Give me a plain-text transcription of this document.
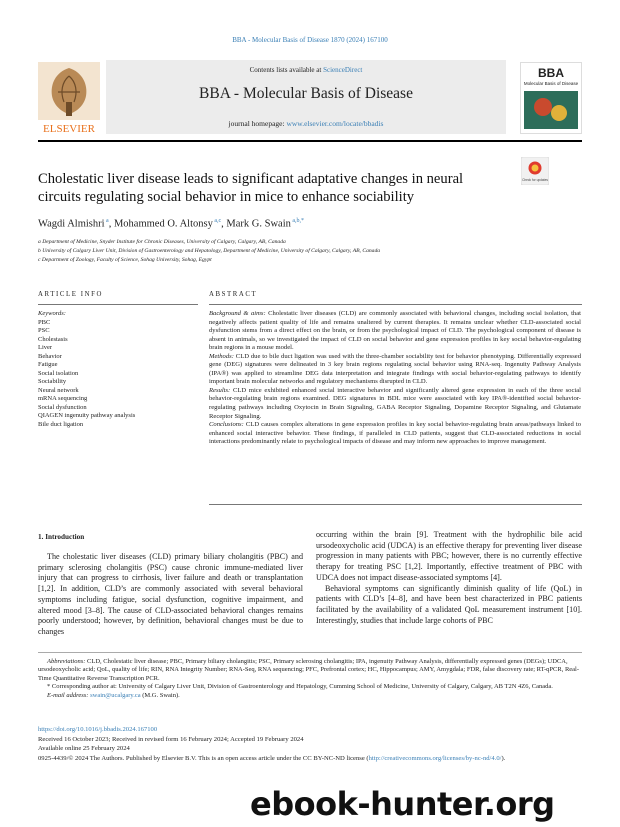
BBA - Molecular Basis of Disease 1870 (2024) 167100
ELSEVIER
Contents lists available at ScienceDirect
BBA - Molecular Basis of Disease
journal homepage: www.elsevier.com/locate/bbadis
BBA
Molecular Basis of Disease
Cholestatic liver disease leads to significant adaptative changes in neural circuits regulating social behavior in mice to enhance sociability
Check for updates
Wagdi Almishri $^a$, Mohammed O. Altonsy $^{a,c}$, Mark G. Swain $^{a,b,*}$
a Department of Medicine, Snyder Institute for Chronic Diseases, University of Calgary, Calgary, AB, Canada
b University of Calgary Liver Unit, Division of Gastroenterology and Hepatology, Department of Medicine, University of Calgary, Calgary, AB, Canada
c Department of Zoology, Faculty of Science, Sohag University, Sohag, Egypt
ARTICLE INFO	ABSTRACT
Keywords:
PBC
PSC
Cholestasis
Liver
Behavior
Fatigue
Social isolation
Sociability
Neural network
mRNA sequencing
Social dysfunction
QIAGEN ingenuity pathway analysis
Bile duct ligation

Background & aims: Cholestatic liver diseases (CLD) are commonly associated with behavioral changes, including social isolation, that negatively affects patient quality of life and remains unaltered by current therapies. It remains unclear whether CLD-associated social dysfunction stems from a direct effect on the brain, or from the psychological impact of CLD. The psychological component of disease is absent in animals, so we investigated the impact of CLD on social behavior and gene expression profiles in key social behavior-regulating brain regions in a mouse model.

Methods: CLD due to bile duct ligation was used with the three-chamber sociability test for behavior phenotyping. Differentially expressed gene (DEG) signatures were delineated in 3 key brain regions regulating social behavior using RNA-seq. Ingenuity Pathway Analysis (IPA®) was applied to streamline DEG data interpretation and integrate findings with social behavior-regulating pathways to identify important brain molecular networks and regulatory mechanisms disrupted in CLD.

Results: CLD mice exhibited enhanced social interactive behavior and significantly altered gene expression in each of the three social behavior-regulating brain regions examined. DEG signatures in BDL mice were associated with key IPA®-identified social behavior-regulating pathways including Oxytocin in Brain Signaling, GABA Receptor Signaling, Dopamine Receptor Signaling, and Glutamate Receptor Signaling.

Conclusions: CLD causes complex alterations in gene expression profiles in key social behavior-regulating brain areas/pathways linked to enhanced social interactive behavior. These findings, if paralleled in CLD patients, suggest that CLD-associated reductions in social interactions predominantly relate to psychological impacts of disease and may inform new approaches to improve management.

1. Introduction

The cholestatic liver diseases (CLD) primary biliary cholangitis (PBC) and primary sclerosing cholangitis (PSC) cause chronic immune-mediated liver injury that can progress to cirrhosis, liver failure and death or transplantation [1,2]. In addition, CLD’s are commonly associated with several behavioral symptoms including fatigue, social dysfunction, cognitive impairment, and altered mood [3–8]. The cause of CLD-associated behavioral changes remains poorly understood; however, by definition, behavioral changes must be due to changes

occurring within the brain [9]. Treatment with the hydrophilic bile acid ursodeoxycholic acid (UDCA) is an effective therapy for preventing liver disease progression in many patients with PBC; however, there is no currently effective therapy for treating PSC [1,2]. Importantly, effective treatment of PBC with UDCA does not impact disease-associated symptoms [4].

Behavioral symptoms can significantly diminish quality of life (QoL) in patients with CLD’s [4–8], and have been best characterized in PBC patients facilitated by the availability of a validated QoL measurement instrument [10]. Interestingly, studies that include large cohorts of PBC

Abbreviations: CLD, Cholestatic liver disease; PBC, Primary biliary cholangitis; PSC, Primary sclerosing cholangitis; IPA, ingenuity Pathway Analysis, differentially expressed genes (DEGs); UDCA, ursodeoxycholic acid; QoL, quality of life; RIN, RNA Integrity Number; RNA-Seq, RNA sequencing; PFC, Prefrontal cortex; HC, Hippocampus; AMY, Amygdala; FDR, false discovery rate; RT-qPCR, Real-Time Quantitative Reverse Transcription PCR.

* Corresponding author at: University of Calgary Liver Unit, Division of Gastroenterology and Hepatology, Cumming School of Medicine, University of Calgary, Calgary, AB T2N 4Z6, Canada.

E-mail address: swain@ucalgary.ca (M.G. Swain).

https://doi.org/10.1016/j.bbadis.2024.167100
Received 16 October 2023; Received in revised form 16 February 2024; Accepted 19 February 2024
Available online 25 February 2024
0925-4439/© 2024 The Authors. Published by Elsevier B.V. This is an open access article under the CC BY-NC-ND license (http://creativecommons.org/licenses/by-nc-nd/4.0/).
ebook-hunter.org
